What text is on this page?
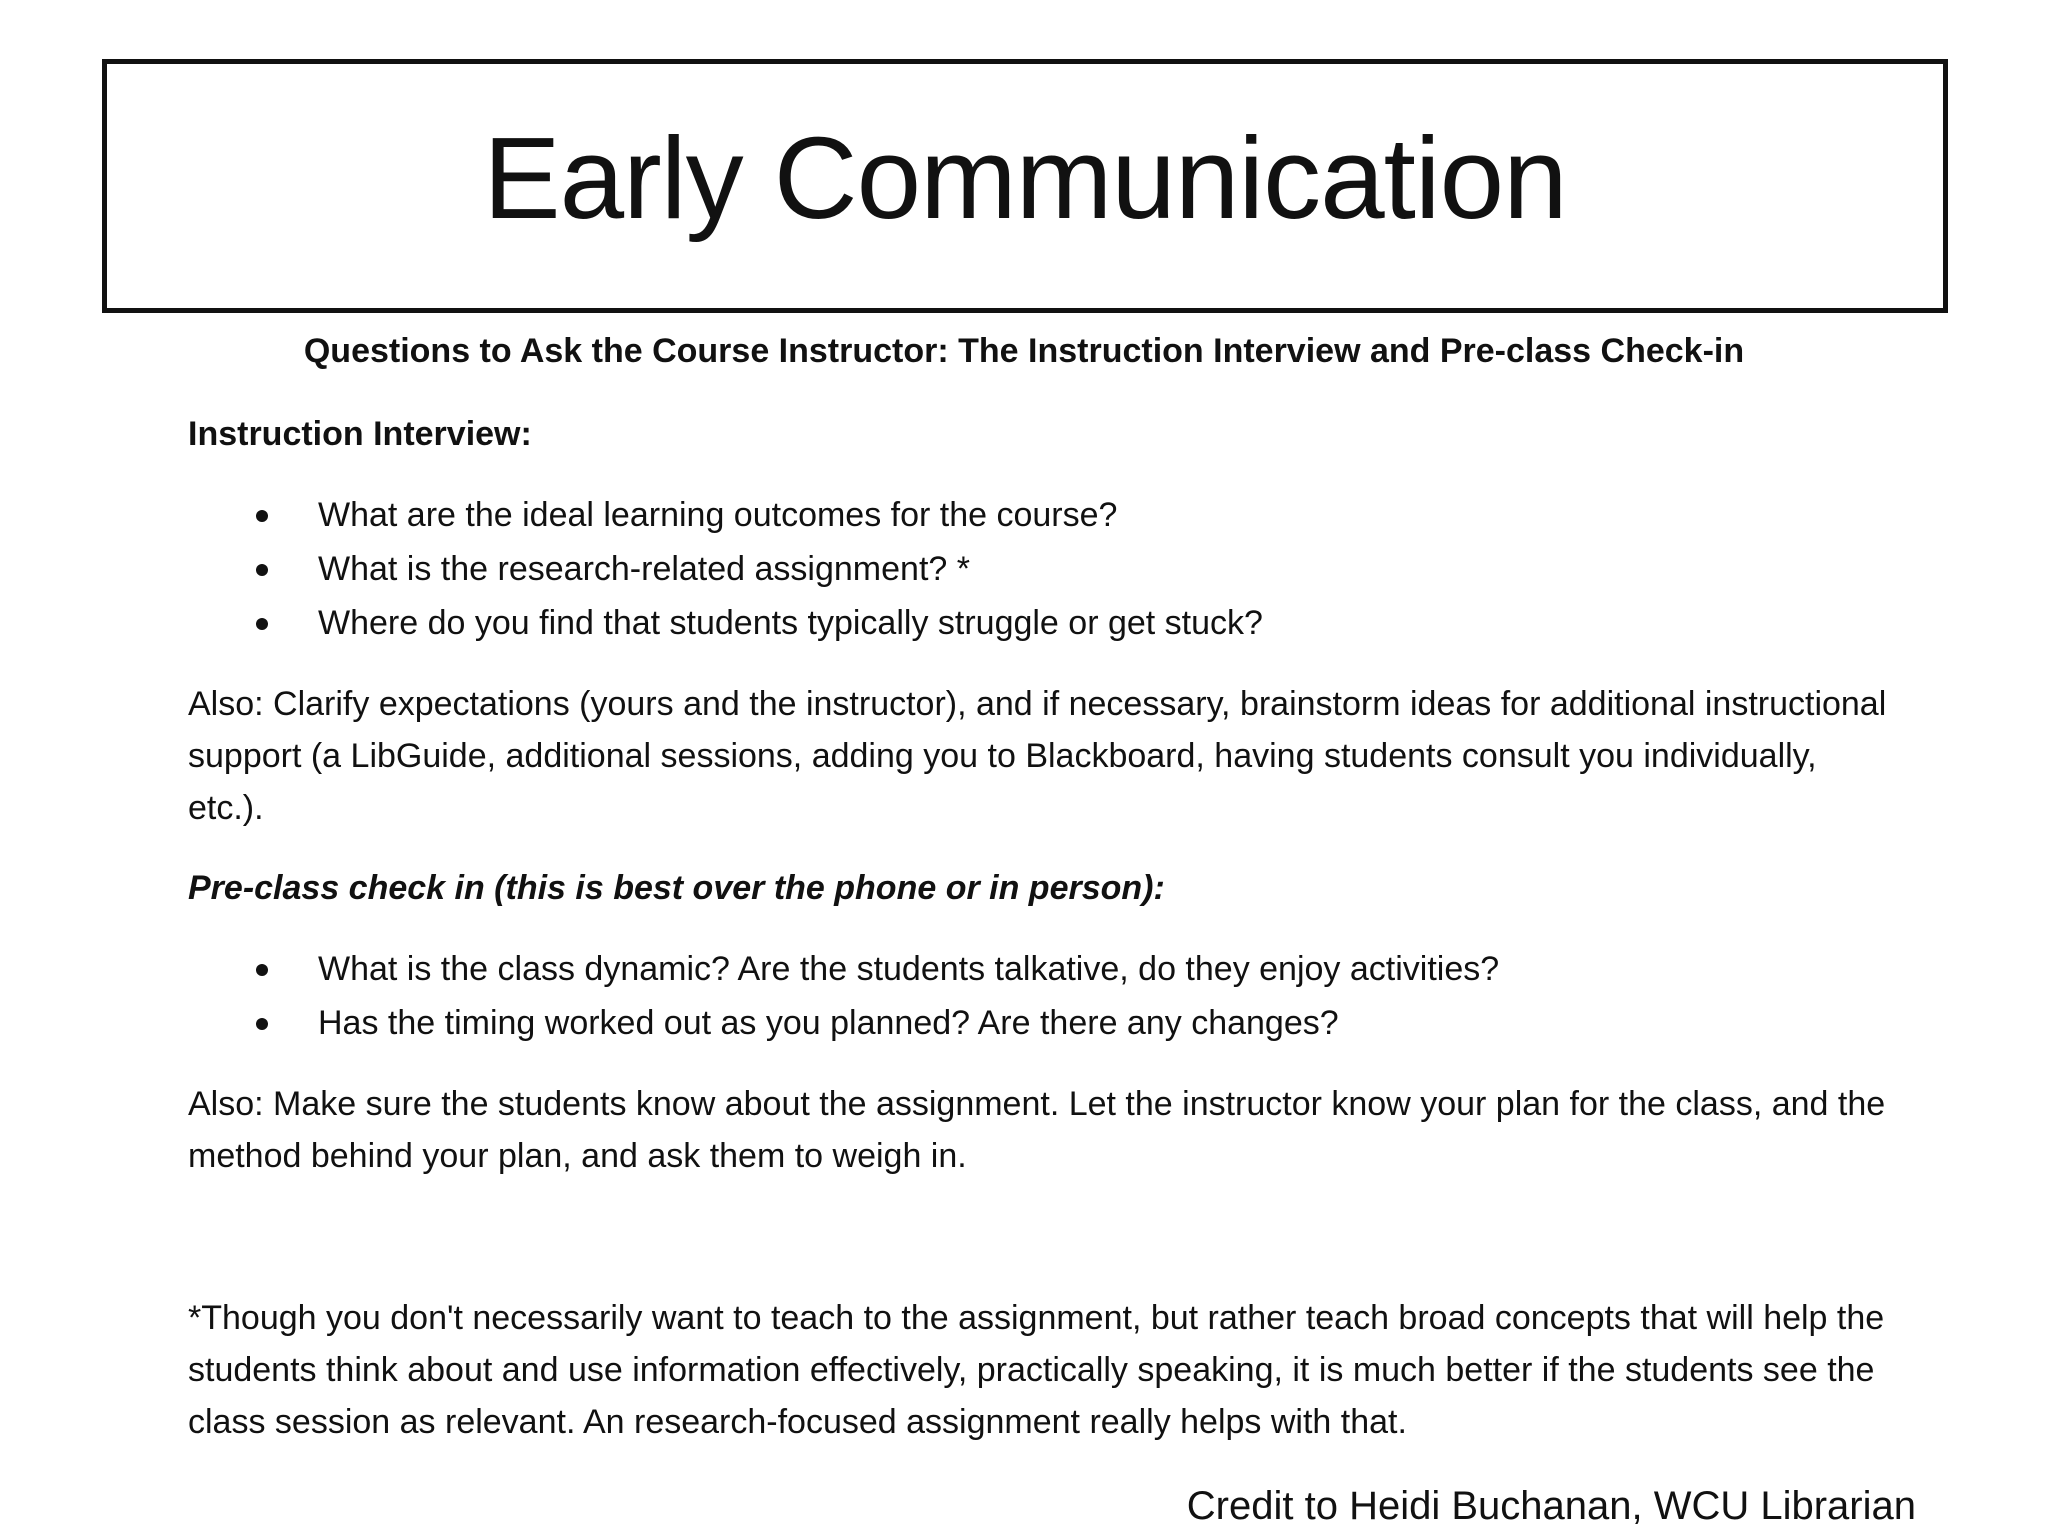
Early Communication

Questions to Ask the Course Instructor: The Instruction Interview and Pre-class Check-in

Instruction Interview:

What are the ideal learning outcomes for the course?
What is the research-related assignment? *
Where do you find that students typically struggle or get stuck?

Also: Clarify expectations (yours and the instructor), and if necessary, brainstorm ideas for additional instructional support (a LibGuide, additional sessions, adding you to Blackboard, having students consult you individually, etc.).

Pre-class check in (this is best over the phone or in person):

What is the class dynamic? Are the students talkative, do they enjoy activities?
Has the timing worked out as you planned? Are there any changes?

Also: Make sure the students know about the assignment. Let the instructor know your plan for the class, and the method behind your plan, and ask them to weigh in.

*Though you don't necessarily want to teach to the assignment, but rather teach broad concepts that will help the students think about and use information effectively, practically speaking, it is much better if the students see the class session as relevant. An research-focused assignment really helps with that.

Credit to Heidi Buchanan, WCU Librarian
